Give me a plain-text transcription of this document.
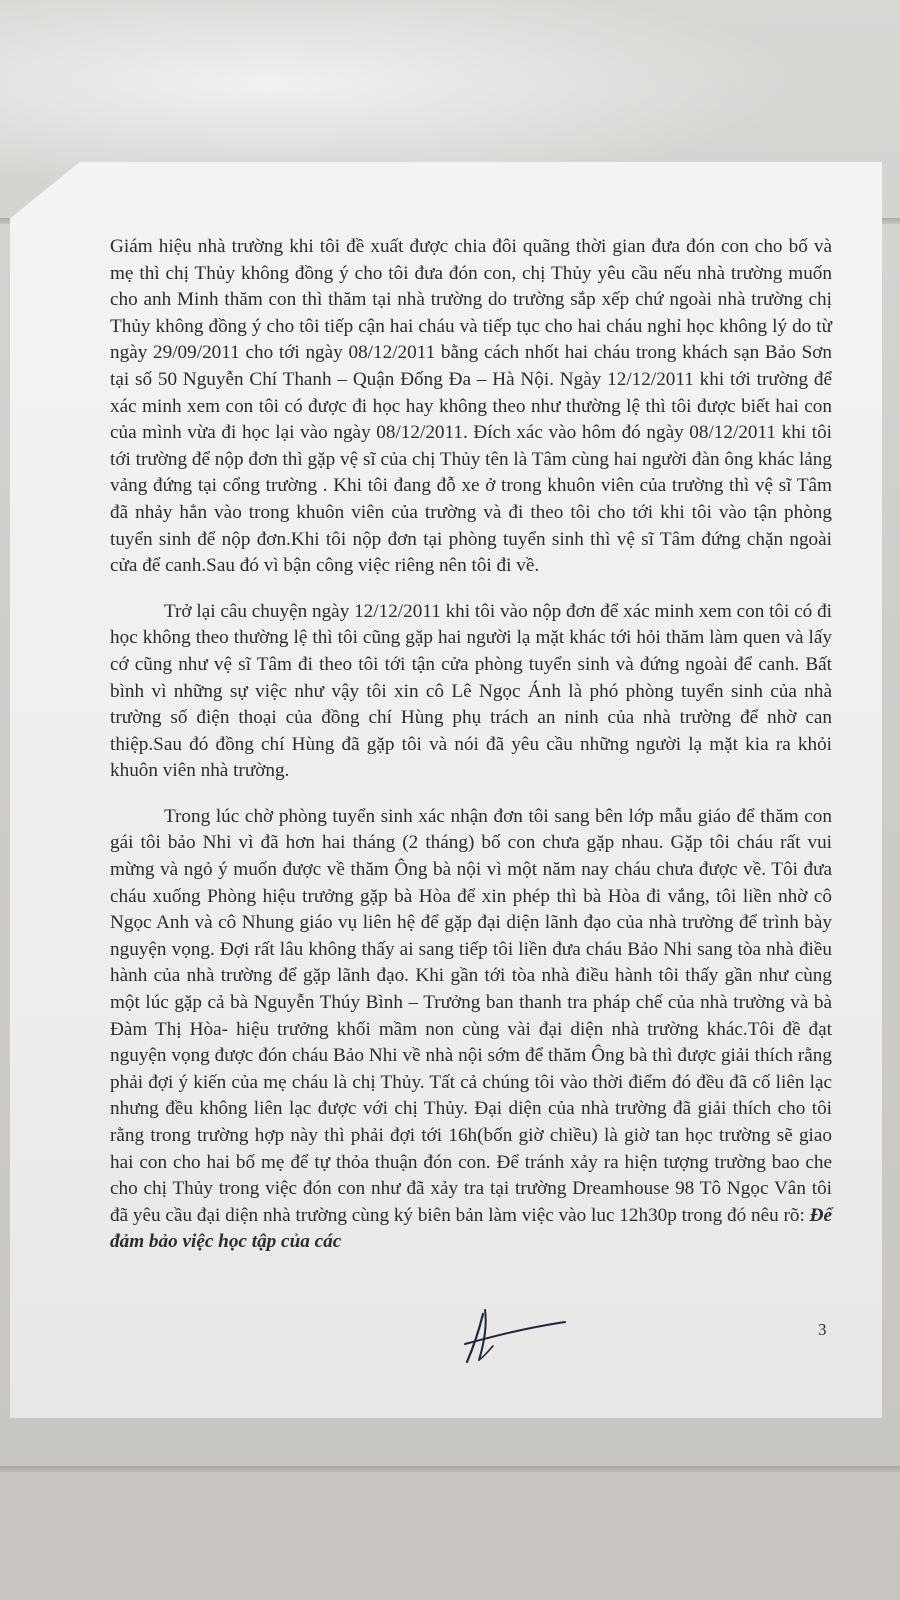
Giám hiệu nhà trường khi tôi đề xuất được chia đôi quãng thời gian đưa đón con cho bố và mẹ thì chị Thủy không đồng ý cho tôi đưa đón con, chị Thủy yêu cầu nếu nhà trường muốn cho anh Minh thăm con thì thăm tại nhà trường do trường sắp xếp chứ ngoài nhà trường chị Thủy không đồng ý cho tôi tiếp cận hai cháu và tiếp tục cho hai cháu nghỉ học không lý do từ ngày 29/09/2011 cho tới ngày 08/12/2011 bằng cách nhốt hai cháu trong khách sạn Bảo Sơn tại số 50 Nguyễn Chí Thanh – Quận Đống Đa – Hà Nội. Ngày 12/12/2011 khi tới trường để xác minh xem con tôi có được đi học hay không theo như thường lệ thì tôi được biết hai con của mình vừa đi học lại vào ngày 08/12/2011. Đích xác vào hôm đó ngày 08/12/2011 khi tôi tới trường để nộp đơn thì gặp vệ sĩ của chị Thủy tên là Tâm cùng hai người đàn ông khác lảng vảng đứng tại cổng trường . Khi tôi đang đỗ xe ở trong khuôn viên của trường thì vệ sĩ Tâm đã nhảy hẳn vào trong khuôn viên của trường và đi theo tôi cho tới khi tôi vào tận phòng tuyển sinh để nộp đơn.Khi tôi nộp đơn tại phòng tuyển sinh thì vệ sĩ Tâm đứng chặn ngoài cửa để canh.Sau đó vì bận công việc riêng nên tôi đi về.

Trở lại câu chuyện ngày 12/12/2011 khi tôi vào nộp đơn để xác minh xem con tôi có đi học không theo thường lệ thì tôi cũng gặp hai người lạ mặt khác tới hỏi thăm làm quen và lấy cớ cũng như vệ sĩ Tâm đi theo tôi tới tận cửa phòng tuyển sinh và đứng ngoài để canh. Bất bình vì những sự việc như vậy tôi xin cô Lê Ngọc Ánh là phó phòng tuyển sinh của nhà trường số điện thoại của đồng chí Hùng phụ trách an ninh của nhà trường để nhờ can thiệp.Sau đó đồng chí Hùng đã gặp tôi và nói đã yêu cầu những người lạ mặt kia ra khỏi khuôn viên nhà trường.

Trong lúc chờ phòng tuyển sinh xác nhận đơn tôi sang bên lớp mẫu giáo để thăm con gái tôi bảo Nhi vì đã hơn hai tháng (2 tháng) bố con chưa gặp nhau. Gặp tôi cháu rất vui mừng và ngỏ ý muốn được về thăm Ông bà nội vì một năm nay cháu chưa được về. Tôi đưa cháu xuống Phòng hiệu trưởng gặp bà Hòa để xin phép thì bà Hòa đi vắng, tôi liền nhờ cô Ngọc Anh và cô Nhung giáo vụ liên hệ để gặp đại diện lãnh đạo của nhà trường để trình bày nguyện vọng. Đợi rất lâu không thấy ai sang tiếp tôi liền đưa cháu Bảo Nhi sang tòa nhà điều hành của nhà trường để gặp lãnh đạo. Khi gần tới tòa nhà điều hành tôi thấy gần như cùng một lúc gặp cả bà Nguyễn Thúy Bình – Trưởng ban thanh tra pháp chế của nhà trường và bà Đàm Thị Hòa- hiệu trưởng khối mầm non cùng vài đại diện nhà trường khác.Tôi đề đạt nguyện vọng được đón cháu Bảo Nhi về nhà nội sớm để thăm Ông bà thì được giải thích rằng phải đợi ý kiến của mẹ cháu là chị Thủy. Tất cả chúng tôi vào thời điểm đó đều đã cố liên lạc nhưng đều không liên lạc được với chị Thủy. Đại diện của nhà trường đã giải thích cho tôi rằng trong trường hợp này thì phải đợi tới 16h(bốn giờ chiều) là giờ tan học trường sẽ giao hai con cho hai bố mẹ để tự thỏa thuận đón con. Để tránh xảy ra hiện tượng trường bao che cho chị Thủy trong việc đón con như đã xảy tra tại trường Dreamhouse 98 Tô Ngọc Vân tôi đã yêu cầu đại diện nhà trường cùng ký biên bản làm việc vào luc 12h30p trong đó nêu rõ: Để đảm bảo việc học tập của các

3
